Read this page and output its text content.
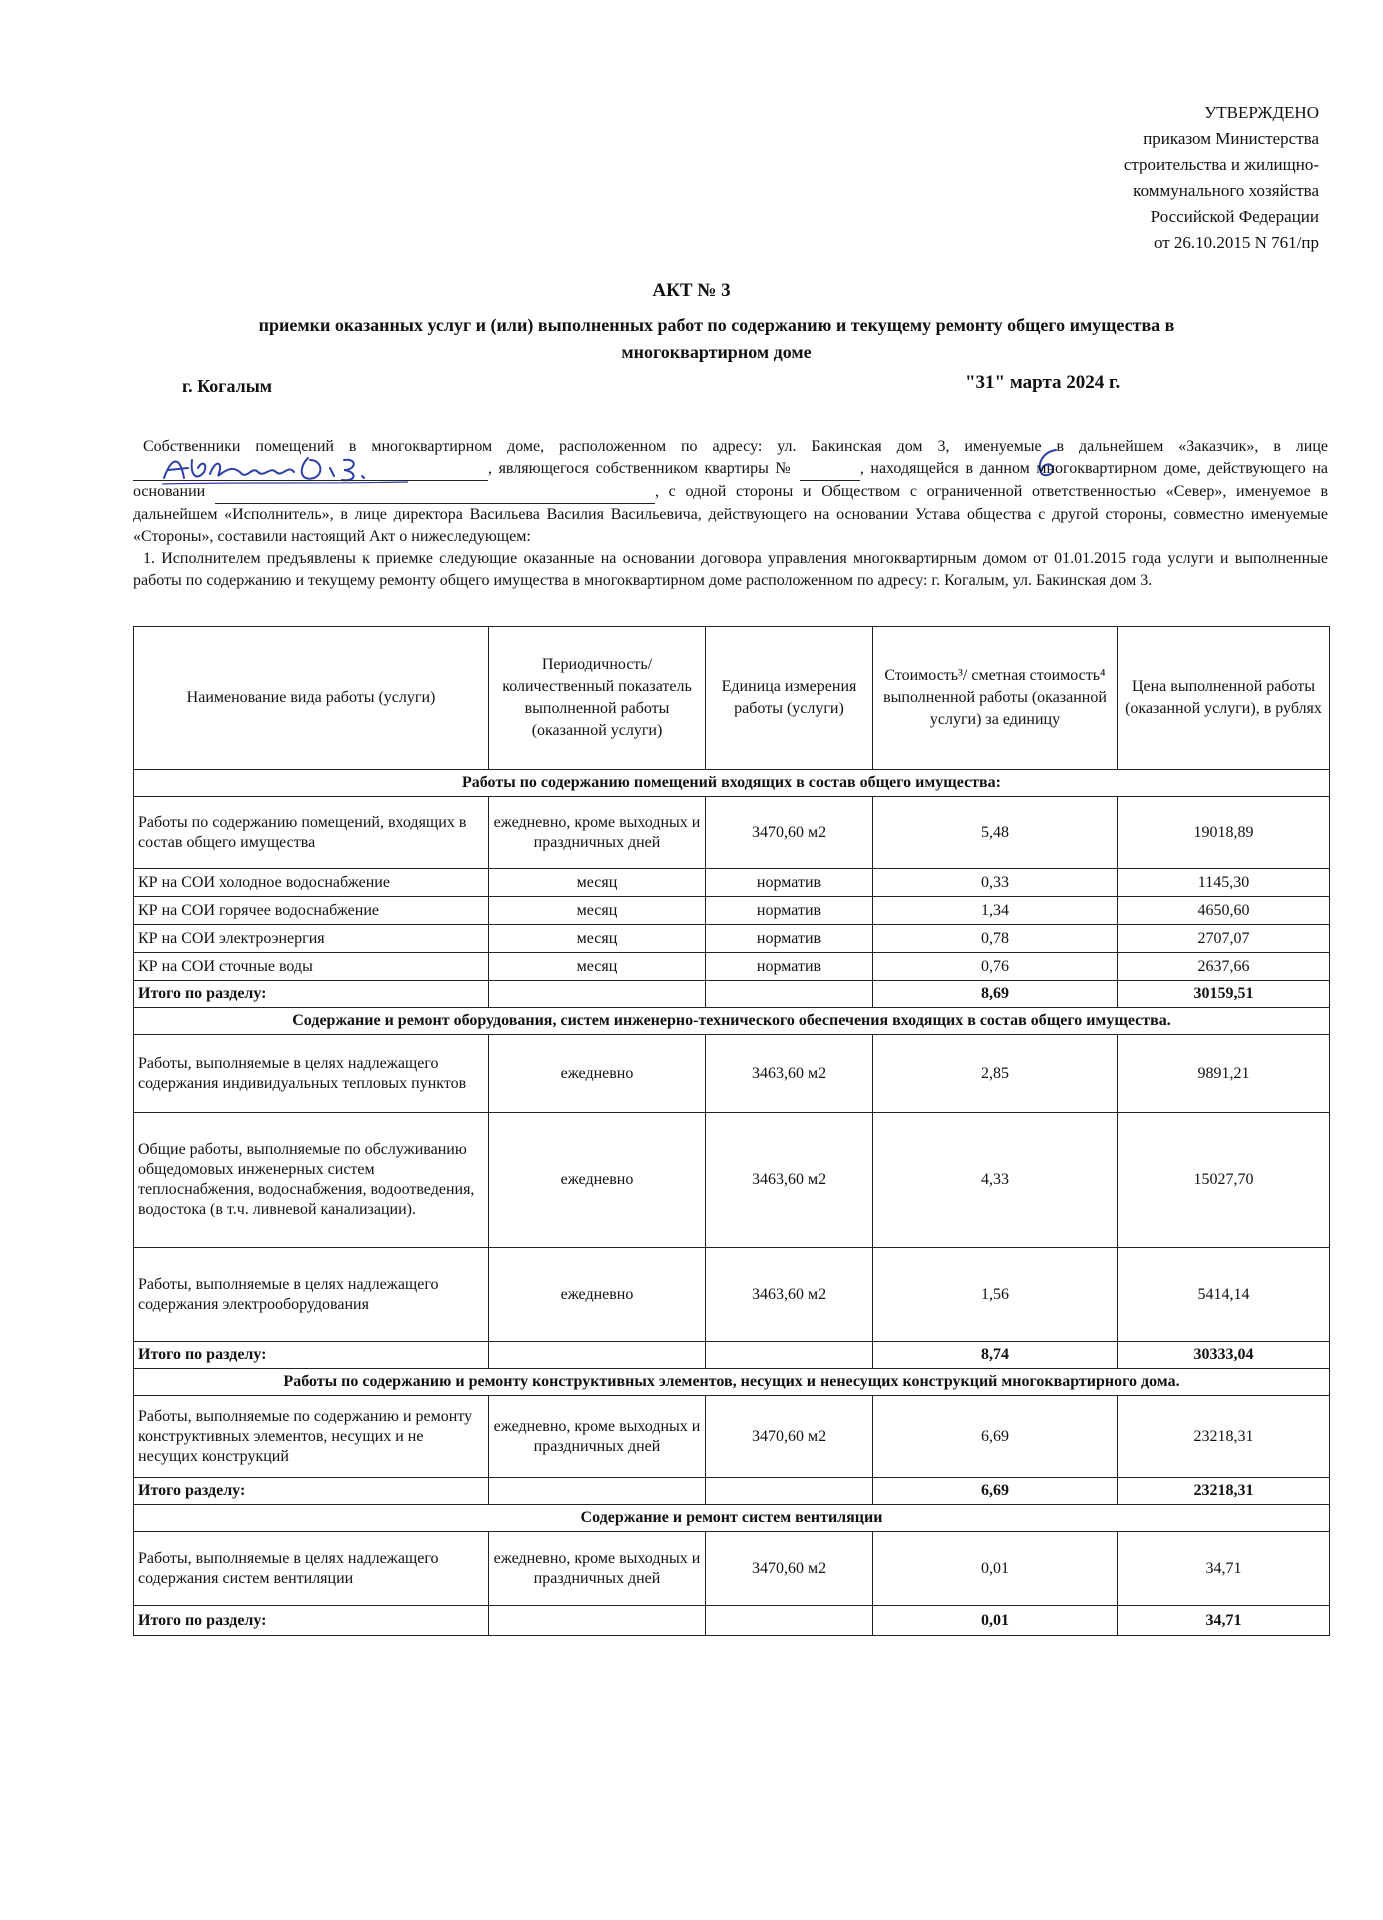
УТВЕРЖДЕНО
приказом Министерства
строительства и жилищно-
коммунального хозяйства
Российской Федерации
от 26.10.2015 N 761/пр
АКТ № 3
приемки оказанных услуг и (или) выполненных работ по содержанию и текущему ремонту общего имущества в многоквартирном доме
г. Когалым	"31" марта 2024 г.

Собственники помещений в многоквартирном доме, расположенном по адресу: ул. Бакинская дом 3, именуемые в дальнейшем «Заказчик», в лице  , являющегося собственником квартиры №	, находящейся в данном многоквартирном доме, действующего на основании	, с одной стороны и Обществом с ограниченной ответственностью «Север», именуемое в дальнейшем «Исполнитель», в лице директора Васильева Василия Васильевича, действующего на основании Устава общества с другой стороны, совместно именуемые «Стороны», составили настоящий Акт о нижеследующем:

1. Исполнителем предъявлены к приемке следующие оказанные на основании договора управления многоквартирным домом от 01.01.2015 года услуги и выполненные работы по содержанию и текущему ремонту общего имущества в многоквартирном доме расположенном по адресу: г. Когалым, ул. Бакинская дом 3.

Наименование вида работы (услуги)	Периодичность/ количественный показатель выполненной работы (оказанной услуги)	Единица измерения работы (услуги)	Стоимость³/ сметная стоимость⁴ выполненной работы (оказанной услуги) за единицу	Цена выполненной работы (оказанной услуги), в рублях
Работы по содержанию помещений входящих в состав общего имущества:				
Работы по содержанию помещений, входящих в состав общего имущества	ежедневно, кроме выходных и праздничных дней	3470,60 м2	5,48	19018,89
КР на СОИ холодное водоснабжение	месяц	норматив	0,33	1145,30
КР на СОИ горячее водоснабжение	месяц	норматив	1,34	4650,60
КР на СОИ электроэнергия	месяц	норматив	0,78	2707,07
КР на СОИ сточные воды	месяц	норматив	0,76	2637,66
Итого по разделу:			8,69	30159,51
Содержание и ремонт оборудования, систем инженерно-технического обеспечения входящих в состав общего имущества.				
Работы, выполняемые в целях надлежащего содержания индивидуальных тепловых пунктов	ежедневно	3463,60 м2	2,85	9891,21
Общие работы, выполняемые по обслуживанию общедомовых инженерных систем теплоснабжения, водоснабжения, водоотведения, водостока (в т.ч. ливневой канализации).	ежедневно	3463,60 м2	4,33	15027,70
Работы, выполняемые в целях надлежащего содержания электрооборудования	ежедневно	3463,60 м2	1,56	5414,14
Итого по разделу:			8,74	30333,04
Работы по содержанию и ремонту конструктивных элементов, несущих и ненесущих конструкций многоквартирного дома.				
Работы, выполняемые по содержанию и ремонту конструктивных элементов, несущих и не несущих конструкций	ежедневно, кроме выходных и праздничных дней	3470,60 м2	6,69	23218,31
Итого разделу:			6,69	23218,31
Содержание и ремонт систем вентиляции				
Работы, выполняемые в целях надлежащего содержания систем вентиляции	ежедневно, кроме выходных и праздничных дней	3470,60 м2	0,01	34,71
Итого по разделу:			0,01	34,71
